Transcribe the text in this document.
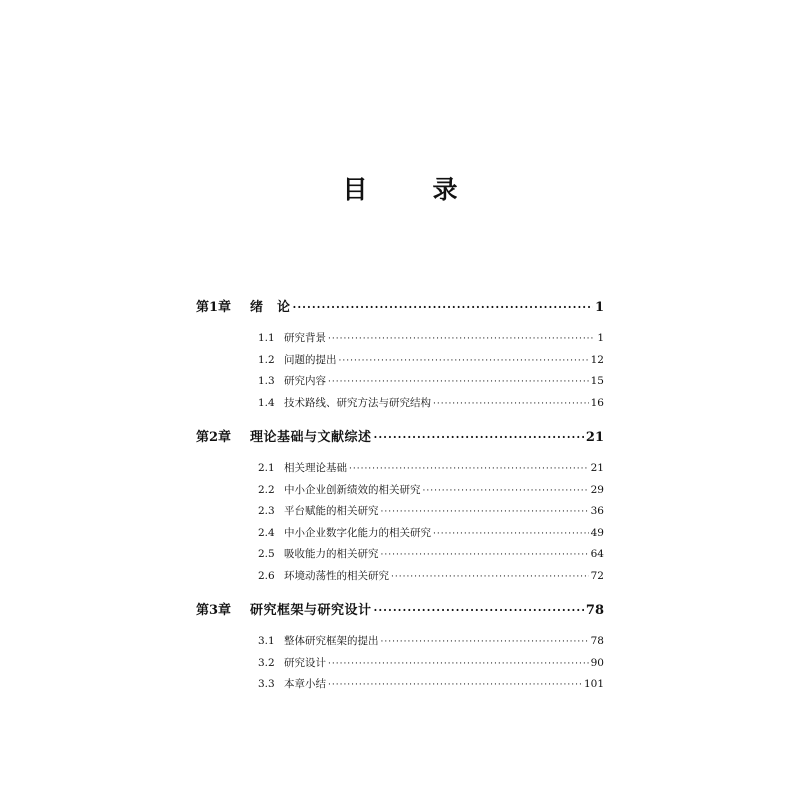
目　录
第1章	绪　论 ·····	1
1.1 研究背景 ·····	1
1.2 问题的提出 ·····	12
1.3 研究内容 ·····	15
1.4 技术路线、研究方法与研究结构 ·····	16
第2章	理论基础与文献综述 ·····	21
2.1 相关理论基础 ·····	21
2.2 中小企业创新绩效的相关研究 ·····	29
2.3 平台赋能的相关研究 ·····	36
2.4 中小企业数字化能力的相关研究 ·····	49
2.5 吸收能力的相关研究 ·····	64
2.6 环境动荡性的相关研究 ·····	72
第3章	研究框架与研究设计 ·····	78
3.1 整体研究框架的提出 ·····	78
3.2 研究设计 ·····	90
3.3 本章小结 ·····	101
